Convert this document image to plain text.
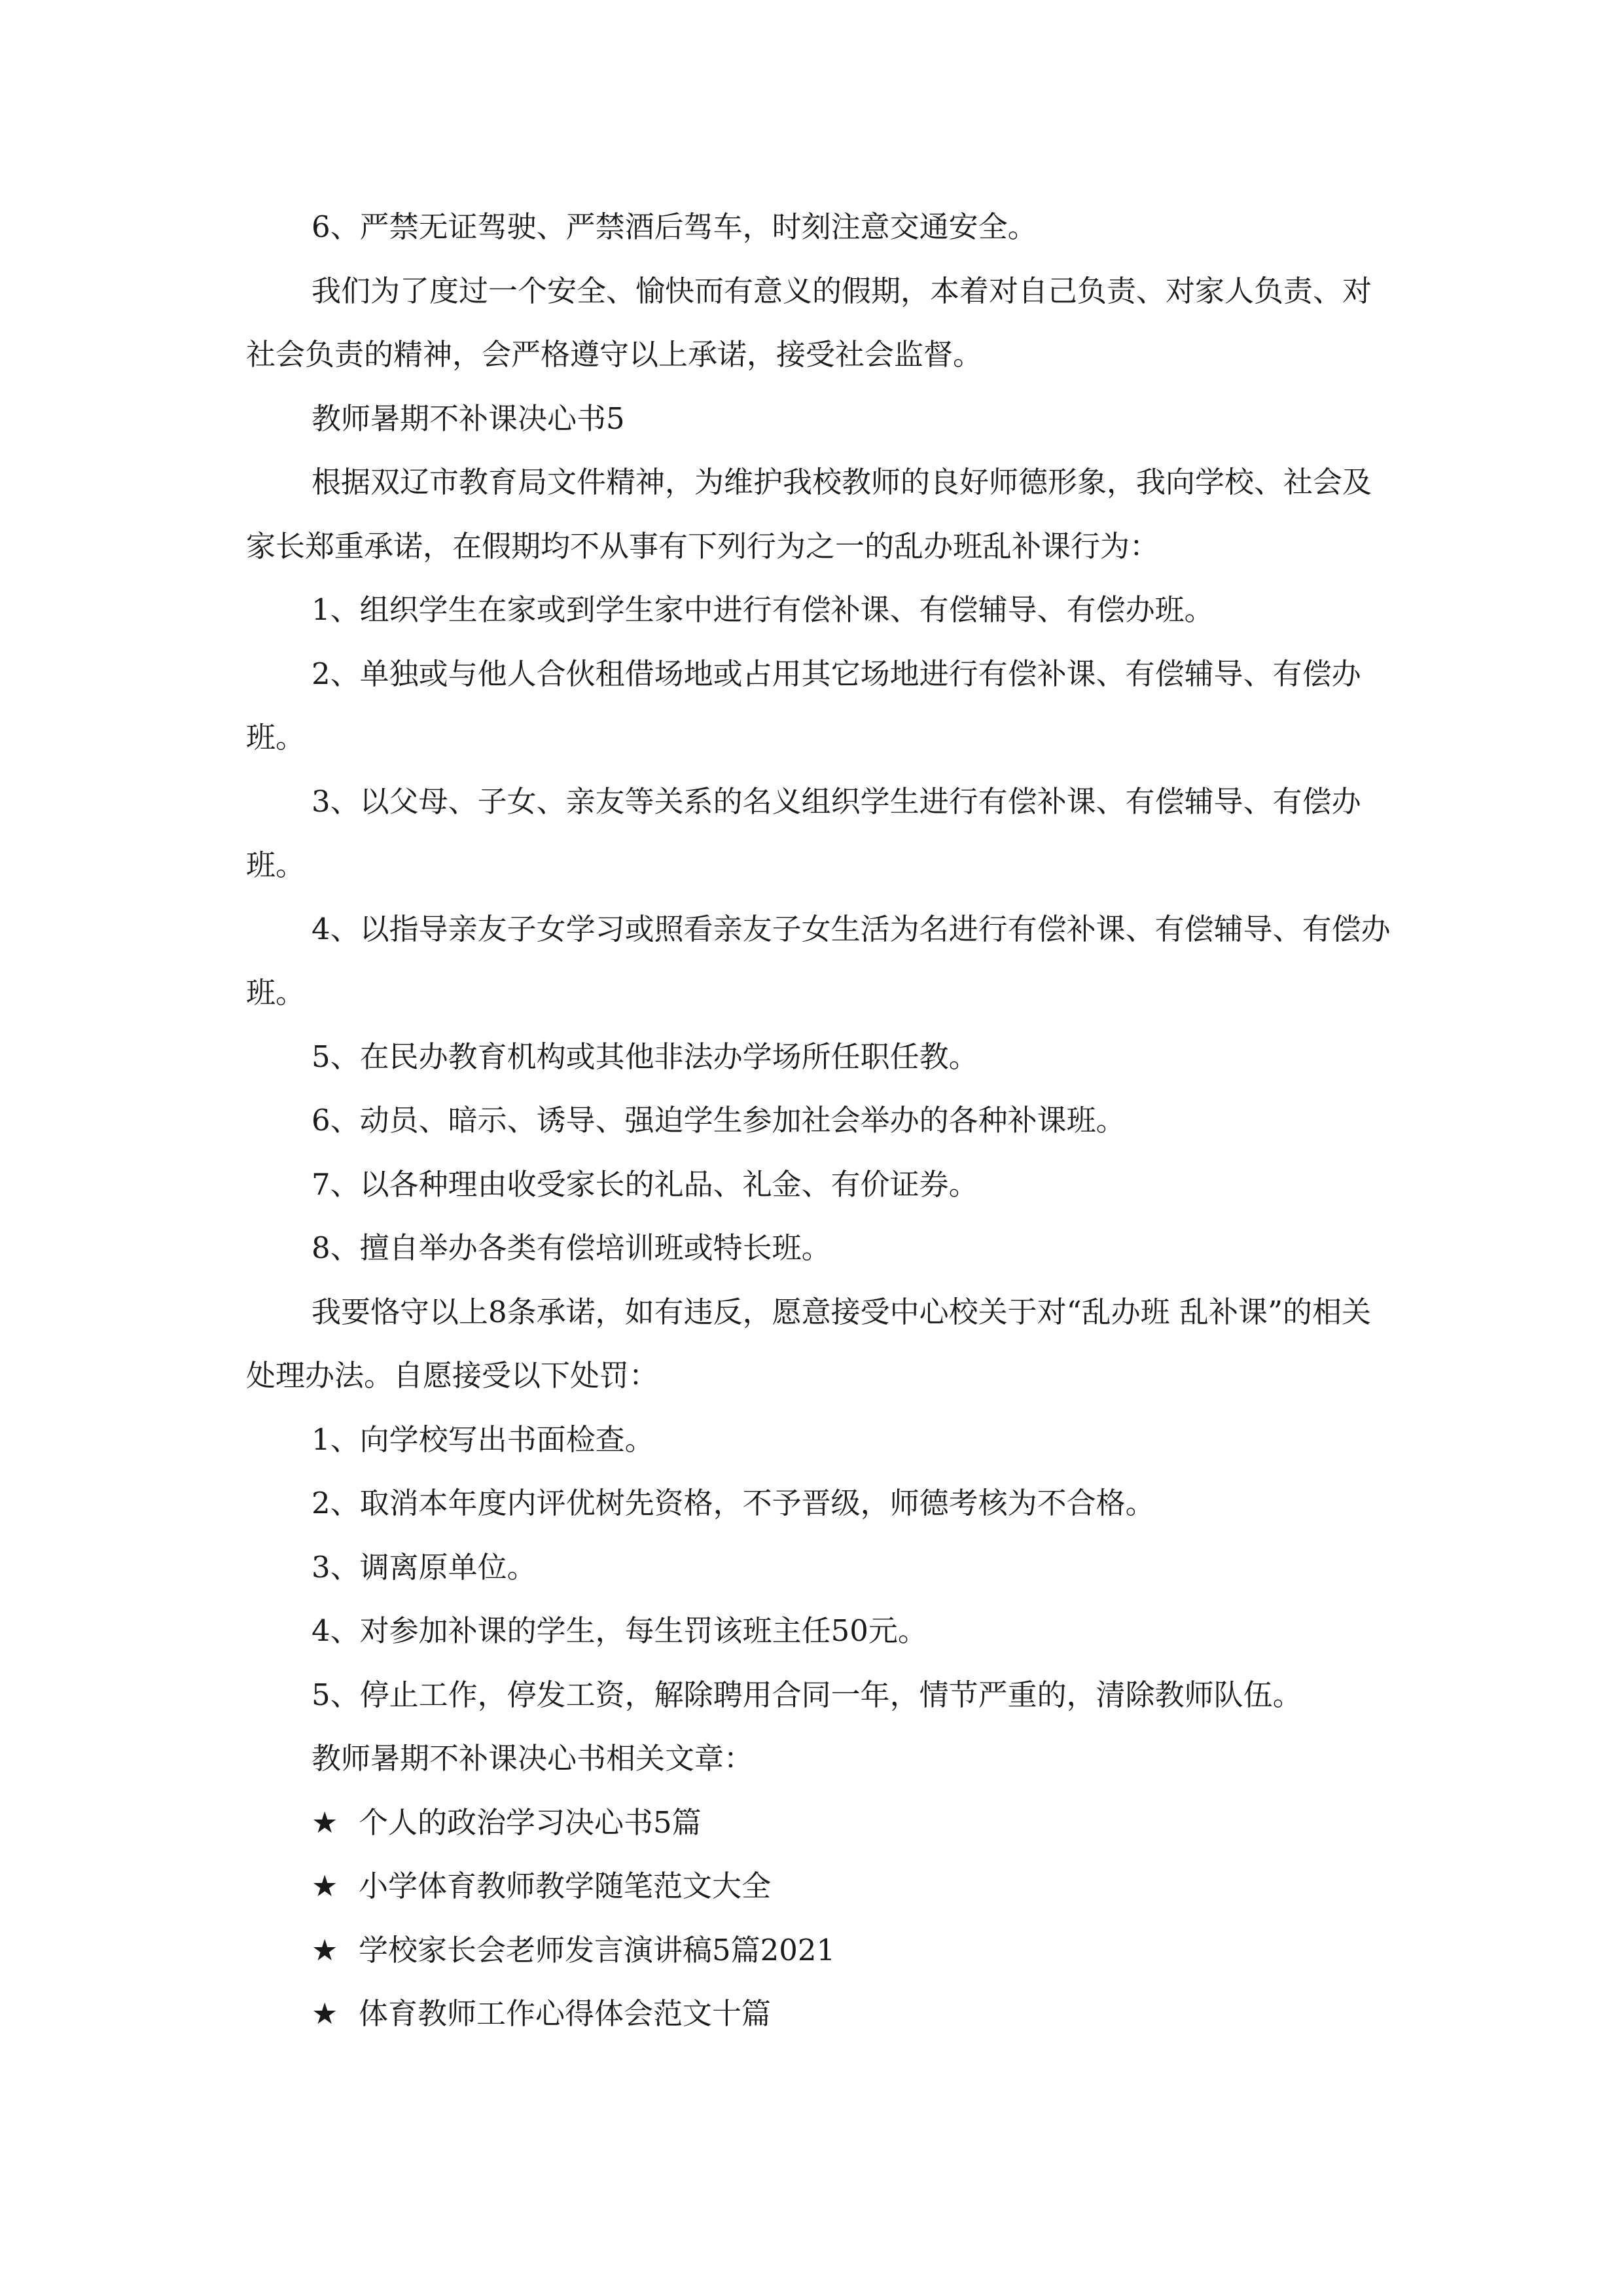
6、严禁无证驾驶、严禁酒后驾车，时刻注意交通安全。

我们为了度过一个安全、愉快而有意义的假期，本着对自己负责、对家人负责、对社会负责的精神，会严格遵守以上承诺，接受社会监督。

教师暑期不补课决心书5

根据双辽市教育局文件精神，为维护我校教师的良好师德形象，我向学校、社会及家长郑重承诺，在假期均不从事有下列行为之一的乱办班乱补课行为：

1、组织学生在家或到学生家中进行有偿补课、有偿辅导、有偿办班。

2、单独或与他人合伙租借场地或占用其它场地进行有偿补课、有偿辅导、有偿办班。

3、以父母、子女、亲友等关系的名义组织学生进行有偿补课、有偿辅导、有偿办班。

4、以指导亲友子女学习或照看亲友子女生活为名进行有偿补课、有偿辅导、有偿办班。

5、在民办教育机构或其他非法办学场所任职任教。

6、动员、暗示、诱导、强迫学生参加社会举办的各种补课班。

7、以各种理由收受家长的礼品、礼金、有价证券。

8、擅自举办各类有偿培训班或特长班。

我要恪守以上8条承诺，如有违反，愿意接受中心校关于对“乱办班 乱补课”的相关处理办法。自愿接受以下处罚：

1、向学校写出书面检查。

2、取消本年度内评优树先资格，不予晋级，师德考核为不合格。

3、调离原单位。

4、对参加补课的学生，每生罚该班主任50元。

5、停止工作，停发工资，解除聘用合同一年，情节严重的，清除教师队伍。

教师暑期不补课决心书相关文章：

★ 个人的政治学习决心书5篇

★ 小学体育教师教学随笔范文大全

★ 学校家长会老师发言演讲稿5篇2021

★ 体育教师工作心得体会范文十篇
